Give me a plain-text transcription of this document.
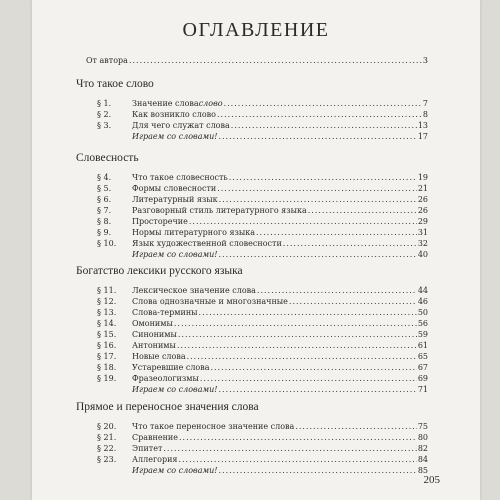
ОГЛАВЛЕНИЕ
От автора .....	3
Что такое слово
§ 1.	Значение слова слово .....	7
§ 2.	Как возникло слово .....	8
§ 3.	Для чего служат слова .....	13
Играем со словами! .....	17
Словесность
§ 4.	Что такое словесность .....	19
§ 5.	Формы словесности .....	21
§ 6.	Литературный язык .....	26
§ 7.	Разговорный стиль литературного языка .....	26
§ 8.	Просторечие .....	29
§ 9.	Нормы литературного языка .....	31
§ 10.	Язык художественной словесности .....	32
Играем со словами! .....	40
Богатство лексики русского языка
§ 11.	Лексическое значение слова .....	44
§ 12.	Слова однозначные и многозначные .....	46
§ 13.	Слова-термины .....	50
§ 14.	Омонимы .....	56
§ 15.	Синонимы .....	59
§ 16.	Антонимы .....	61
§ 17.	Новые слова .....	65
§ 18.	Устаревшие слова .....	67
§ 19.	Фразеологизмы .....	69
Играем со словами! .....	71
Прямое и переносное значения слова
§ 20.	Что такое переносное значение слова .....	75
§ 21.	Сравнение .....	80
§ 22.	Эпитет .....	82
§ 23.	Аллегория .....	84
Играем со словами! .....	85
205
